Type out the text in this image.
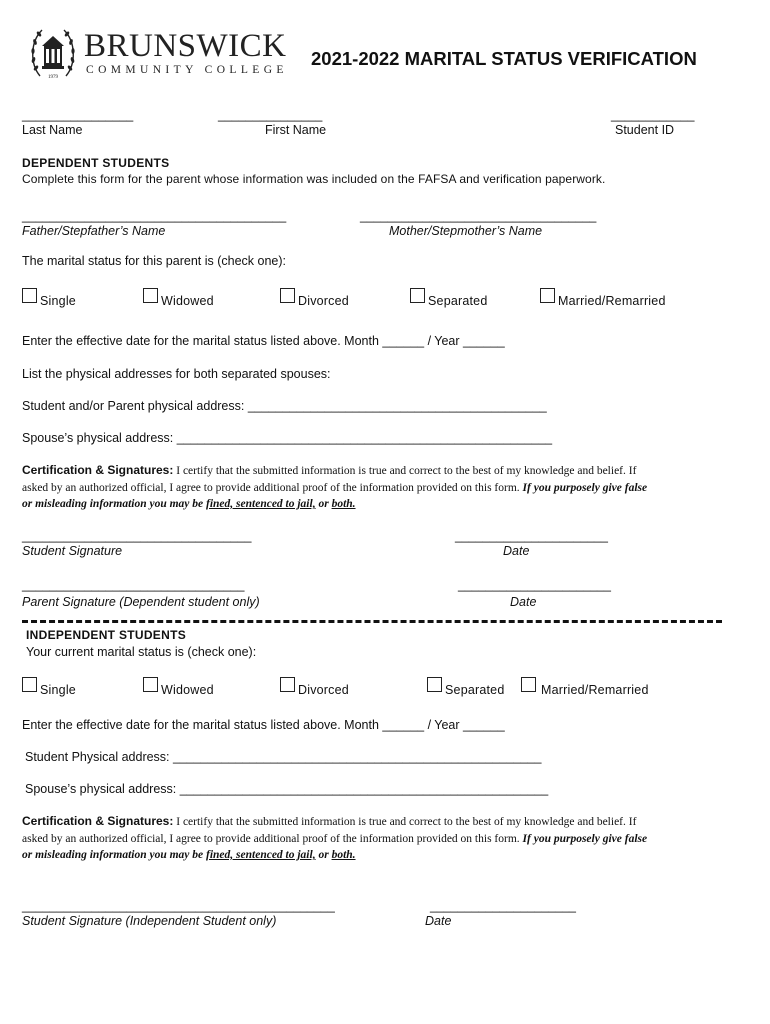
1979
BRUNSWICK
COMMUNITY COLLEGE
2021-2022 MARITAL STATUS VERIFICATION
________________
Last Name
_______________
First Name
____________
Student ID
DEPENDENT STUDENTS
Complete this form for the parent whose information was included on the FAFSA and verification paperwork.
______________________________________
Father/Stepfather’s Name
__________________________________
Mother/Stepmother’s Name
The marital status for this parent is (check one):
Single	Widowed	Divorced	Separated	Married/Remarried
Enter the effective date for the marital status listed above. Month ______ / Year ______
List the physical addresses for both separated spouses:
Student and/or Parent physical address: ___________________________________________
Spouse’s physical address: ______________________________________________________
Certification & Signatures: I certify that the submitted information is true and correct to the best of my knowledge and belief. If asked by an authorized official, I agree to provide additional proof of the information provided on this form. If you purposely give false or misleading information you may be fined, sentenced to jail, or both.
_________________________________
Student Signature
______________________
Date
________________________________
Parent Signature (Dependent student only)
______________________
Date
INDEPENDENT STUDENTS
Your current marital status is (check one):
Single	Widowed	Divorced	Separated	Married/Remarried
Enter the effective date for the marital status listed above. Month ______ / Year ______
Student Physical address: _____________________________________________________
Spouse’s physical address: _____________________________________________________
Certification & Signatures: I certify that the submitted information is true and correct to the best of my knowledge and belief. If asked by an authorized official, I agree to provide additional proof of the information provided on this form. If you purposely give false or misleading information you may be fined, sentenced to jail, or both.
_____________________________________________
Student Signature (Independent Student only)
_____________________
Date
